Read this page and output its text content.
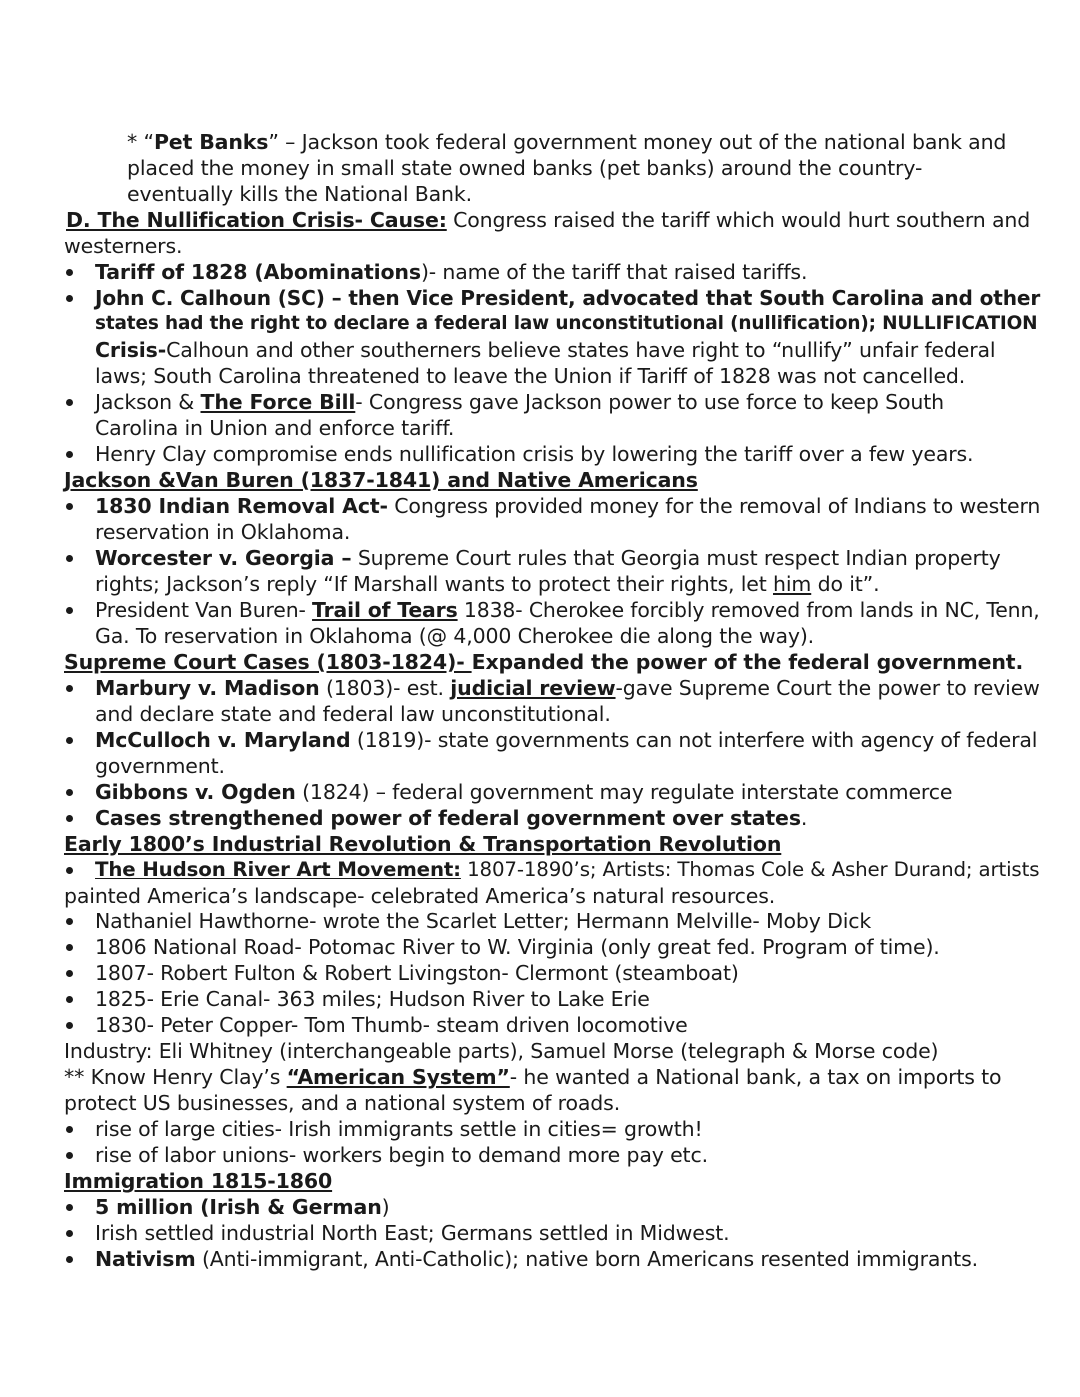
* “Pet Banks” – Jackson took federal government money out of the national bank and
placed the money in small state owned banks (pet banks) around the country-
eventually kills the National Bank.
D. The Nullification Crisis- Cause: Congress raised the tariff which would hurt southern and
westerners.
Tariff of 1828 (Abominations)- name of the tariff that raised tariffs.
John C. Calhoun (SC) – then Vice President, advocated that South Carolina and other
states had the right to declare a federal law unconstitutional (nullification); NULLIFICATION
Crisis-Calhoun and other southerners believe states have right to “nullify” unfair federal
laws; South Carolina threatened to leave the Union if Tariff of 1828 was not cancelled.
Jackson & The Force Bill- Congress gave Jackson power to use force to keep South
Carolina in Union and enforce tariff.
Henry Clay compromise ends nullification crisis by lowering the tariff over a few years.
Jackson &Van Buren (1837-1841) and Native Americans
1830 Indian Removal Act- Congress provided money for the removal of Indians to western
reservation in Oklahoma.
Worcester v. Georgia – Supreme Court rules that Georgia must respect Indian property
rights; Jackson’s reply “If Marshall wants to protect their rights, let him do it”.
President Van Buren- Trail of Tears 1838- Cherokee forcibly removed from lands in NC, Tenn,
Ga. To reservation in Oklahoma (@ 4,000 Cherokee die along the way).
Supreme Court Cases (1803-1824)- Expanded the power of the federal government.
Marbury v. Madison (1803)- est. judicial review-gave Supreme Court the power to review
and declare state and federal law unconstitutional.
McCulloch v. Maryland (1819)- state governments can not interfere with agency of federal
government.
Gibbons v. Ogden (1824) – federal government may regulate interstate commerce
Cases strengthened power of federal government over states.
Early 1800’s Industrial Revolution & Transportation Revolution
The Hudson River Art Movement: 1807-1890’s; Artists: Thomas Cole & Asher Durand; artists
painted America’s landscape- celebrated America’s natural resources.
Nathaniel Hawthorne- wrote the Scarlet Letter; Hermann Melville- Moby Dick
1806 National Road- Potomac River to W. Virginia (only great fed. Program of time).
1807- Robert Fulton & Robert Livingston- Clermont (steamboat)
1825- Erie Canal- 363 miles; Hudson River to Lake Erie
1830- Peter Copper- Tom Thumb- steam driven locomotive
Industry: Eli Whitney (interchangeable parts), Samuel Morse (telegraph & Morse code)
** Know Henry Clay’s “American System”- he wanted a National bank, a tax on imports to
protect US businesses, and a national system of roads.
rise of large cities- Irish immigrants settle in cities= growth!
rise of labor unions- workers begin to demand more pay etc.
Immigration 1815-1860
5 million (Irish & German)
Irish settled industrial North East; Germans settled in Midwest.
Nativism (Anti-immigrant, Anti-Catholic); native born Americans resented immigrants.
